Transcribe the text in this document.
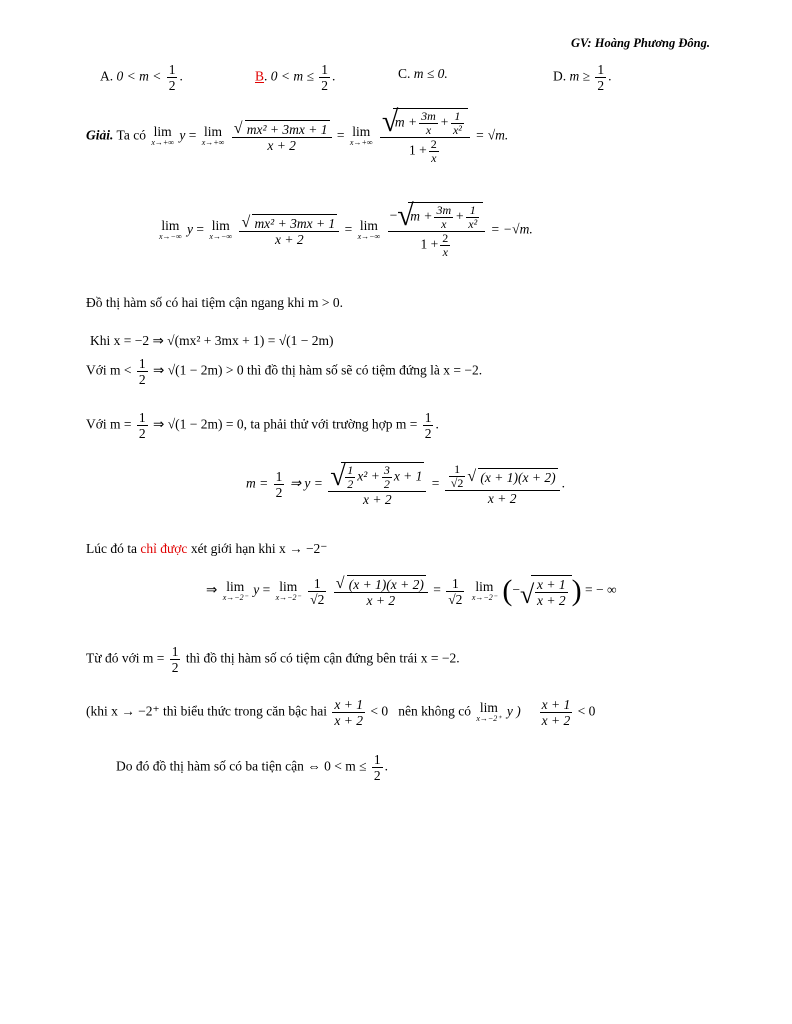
GV: Hoàng Phương Đông.
A. $0 < m < \frac{1}{2}$ .	B. $0 < m \le \frac{1}{2}$ .	C. m ≤ 0.	D. $m \ge \frac{1}{2}$ .
Giải. Ta có lim
x→+∞ y = lim
x→+∞
$\frac{\text{√ mx² + 3mx + 1}}{x + 2} = \lim$
x→+∞
√
$m + \frac{3m}{x} + \frac{1}{\text{x²}}$
$1 + \frac{2}{x} = √m$.
lim
x→−∞ y = lim
x→−∞
$\frac{\text{√ mx² + 3mx + 1}}{x + 2} = \lim$
x→−∞
− √
$m + \frac{3m}{x} + \frac{1}{\text{x²}}$
$1 + \frac{2}{x} = -√m$.
Đồ thị hàm số có hai tiệm cận ngang khi m > 0.
Khi x = −2 ⇒ √(mx² + 3mx + 1) = √(1 − 2m)
Với $m < \frac{1}{2}$ ⇒ √(1 − 2m) > 0 thì đồ thị hàm số sẽ có tiệm đứng là x = −2.
Với $m = \frac{1}{2}$ ⇒ √(1 − 2m) = 0, ta phải thử với trường hợp $m = \frac{1}{2}$ .
$m = \frac{1}{2}$ ⇒ $y = \frac{√ \frac{1}{2} x^2 + \frac{3}{2} x + 1}{x + 2} = \frac{\frac{1}{√2} √ (x + 1)(x + 2)}{x + 2}$ .
Lúc đó ta chỉ được xét giới hạn khi x → −2⁻
⇒ lim
x→−2⁻ y = lim
x→−2⁻
$\frac{1}{√2}$
$\frac{√ (x + 1)(x + 2)}{x + 2} = \frac{1}{√2}$ lim
x→−2⁻ (− √ $\frac{x + 1}{x + 2}$ ) = − ∞
Từ đó với $m = \frac{1}{2}$ thì đồ thị hàm số có tiệm cận đứng bên trái x = −2.
(khi x → −2⁺ thì biểu thức trong căn bậc hai $\frac{x + 1}{x + 2} < 0$ nên không có lim
x→−2⁺ y ) $\frac{x + 1}{x + 2} < 0$
Do đó đồ thị hàm số có ba tiện cận ⇔ $0 < m \le \frac{1}{2}$ .
